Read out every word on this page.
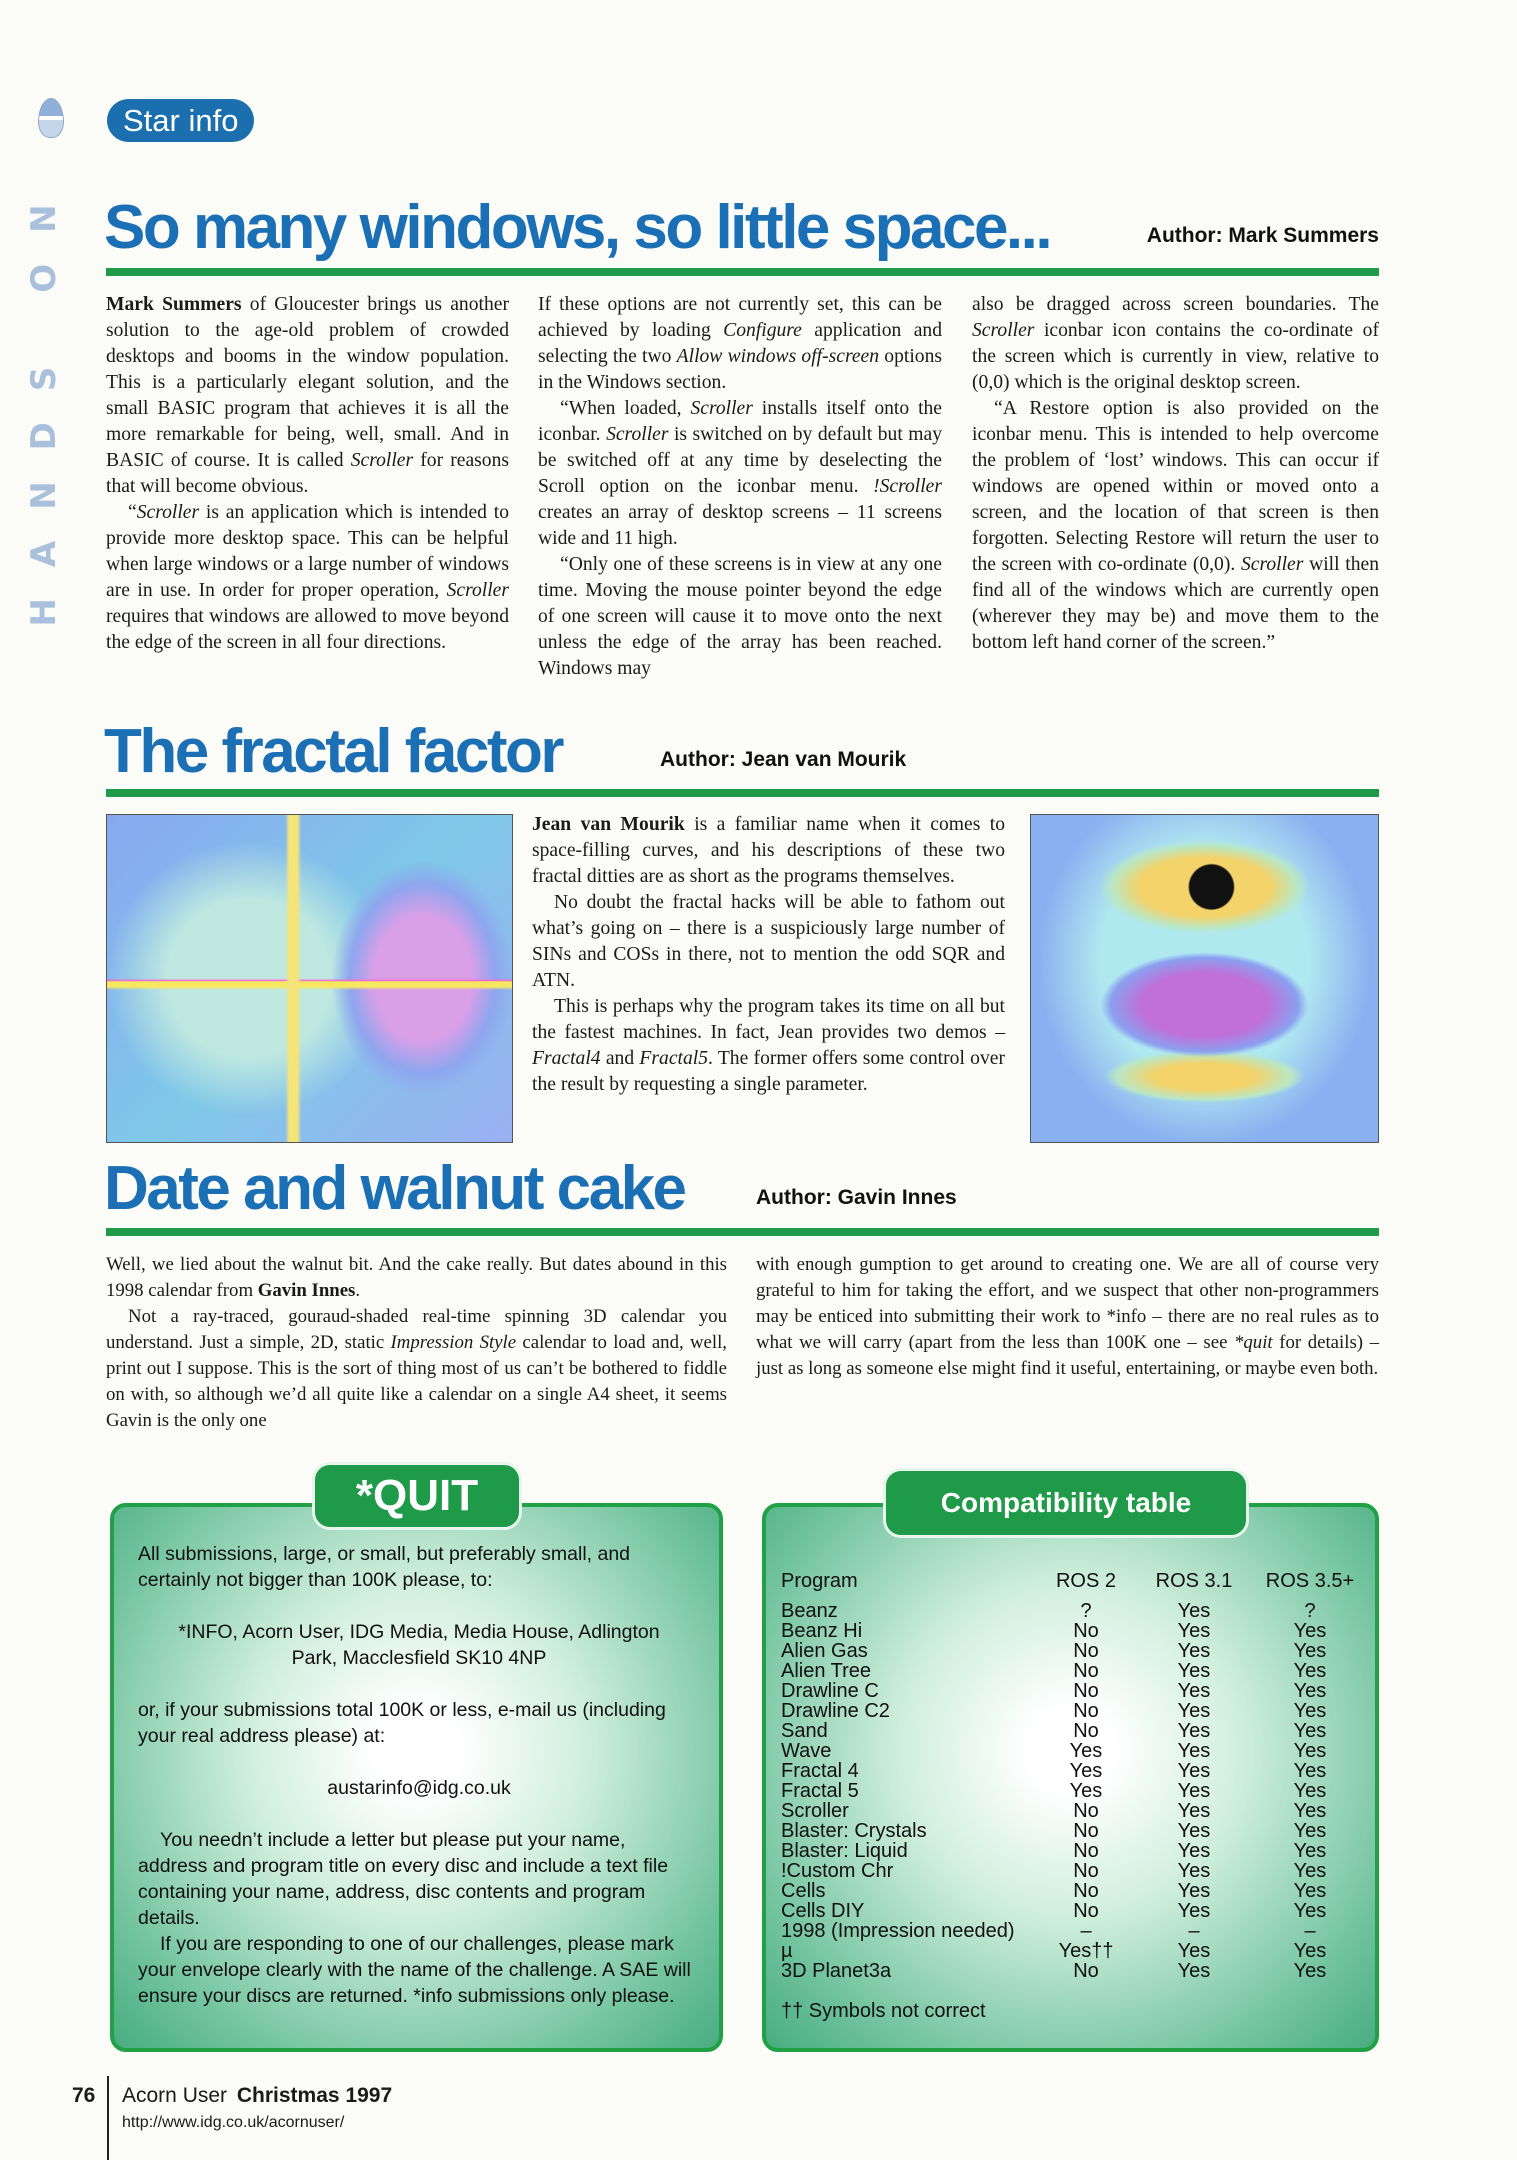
HANDS ON
Star info
So many windows, so little space...	Author: Mark Summers

Mark Summers of Gloucester brings us another solution to the age-old problem of crowded desktops and booms in the window population. This is a particularly elegant solution, and the small BASIC program that achieves it is all the more remarkable for being, well, small. And in BASIC of course. It is called Scroller for reasons that will become obvious.

“Scroller is an application which is intended to provide more desktop space. This can be helpful when large windows or a large number of windows are in use. In order for proper operation, Scroller requires that windows are allowed to move beyond the edge of the screen in all four directions.

If these options are not currently set, this can be achieved by loading Configure application and selecting the two Allow windows off-screen options in the Windows section.

“When loaded, Scroller installs itself onto the iconbar. Scroller is switched on by default but may be switched off at any time by deselecting the Scroll option on the iconbar menu. !Scroller creates an array of desktop screens – 11 screens wide and 11 high.

“Only one of these screens is in view at any one time. Moving the mouse pointer beyond the edge of one screen will cause it to move onto the next unless the edge of the array has been reached. Windows may

also be dragged across screen boundaries. The Scroller iconbar icon contains the co-ordinate of the screen which is currently in view, relative to (0,0) which is the original desktop screen.

“A Restore option is also provided on the iconbar menu. This is intended to help overcome the problem of ‘lost’ windows. This can occur if windows are opened within or moved onto a screen, and the location of that screen is then forgotten. Selecting Restore will return the user to the screen with co-ordinate (0,0). Scroller will then find all of the windows which are currently open (wherever they may be) and move them to the bottom left hand corner of the screen.”

The fractal factor	Author: Jean van Mourik

Jean van Mourik is a familiar name when it comes to space-filling curves, and his descriptions of these two fractal ditties are as short as the programs themselves.

No doubt the fractal hacks will be able to fathom out what’s going on – there is a suspiciously large number of SINs and COSs in there, not to mention the odd SQR and ATN.

This is perhaps why the program takes its time on all but the fastest machines. In fact, Jean provides two demos – Fractal4 and Fractal5. The former offers some control over the result by requesting a single parameter.

Date and walnut cake	Author: Gavin Innes

Well, we lied about the walnut bit. And the cake really. But dates abound in this 1998 calendar from Gavin Innes.

Not a ray-traced, gouraud-shaded real-time spinning 3D calendar you understand. Just a simple, 2D, static Impression Style calendar to load and, well, print out I suppose. This is the sort of thing most of us can’t be bothered to fiddle on with, so although we’d all quite like a calendar on a single A4 sheet, it seems Gavin is the only one

with enough gumption to get around to creating one. We are all of course very grateful to him for taking the effort, and we suspect that other non-programmers may be enticed into submitting their work to *info – there are no real rules as to what we will carry (apart from the less than 100K one – see *quit for details) – just as long as someone else might find it useful, entertaining, or maybe even both.

All submissions, large, or small, but preferably small, and certainly not bigger than 100K please, to:

*INFO, Acorn User, IDG Media, Media House, Adlington Park, Macclesfield SK10 4NP

or, if your submissions total 100K or less, e-mail us (including your real address please) at:

austarinfo@idg.co.uk

You needn’t include a letter but please put your name, address and program title on every disc and include a text file containing your name, address, disc contents and program details.

If you are responding to one of our challenges, please mark your envelope clearly with the name of the challenge. A SAE will ensure your discs are returned. *info submissions only please.

*QUIT
Program	ROS 2	ROS 3.1	ROS 3.5+
Beanz	?	Yes	?
Beanz Hi	No	Yes	Yes
Alien Gas	No	Yes	Yes
Alien Tree	No	Yes	Yes
Drawline C	No	Yes	Yes
Drawline C2	No	Yes	Yes
Sand	No	Yes	Yes
Wave	Yes	Yes	Yes
Fractal 4	Yes	Yes	Yes
Fractal 5	Yes	Yes	Yes
Scroller	No	Yes	Yes
Blaster: Crystals	No	Yes	Yes
Blaster: Liquid	No	Yes	Yes
!Custom Chr	No	Yes	Yes
Cells	No	Yes	Yes
Cells DIY	No	Yes	Yes
1998 (Impression needed)	–	–	–
µ	Yes††	Yes	Yes
3D Planet3a	No	Yes	Yes
†† Symbols not correct
Compatibility table
76 Acorn User Christmas 1997
http://www.idg.co.uk/acornuser/
